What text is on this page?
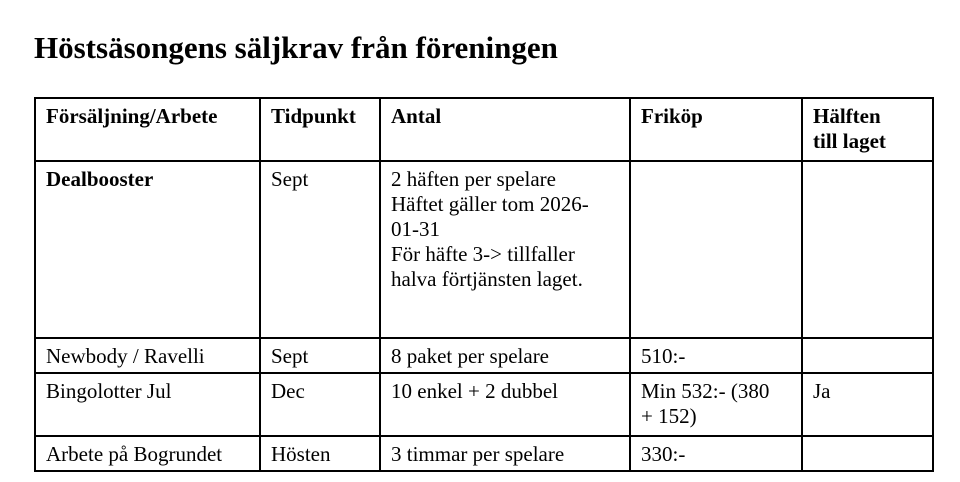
Höstsäsongens säljkrav från föreningen
Försäljning/Arbete	Tidpunkt	Antal	Friköp	Hälften
till laget

Dealbooster	Sept	2 häften per spelare
Häftet gäller tom 2026-
01-31
För häfte 3-> tillfaller
halva förtjänsten laget.		

Newbody / Ravelli	Sept	8 paket per spelare	510:-	
Bingolotter Jul	Dec	10 enkel + 2 dubbel	Min 532:- (380
+ 152)	Ja
Arbete på Bogrundet	Hösten	3 timmar per spelare	330:-	
